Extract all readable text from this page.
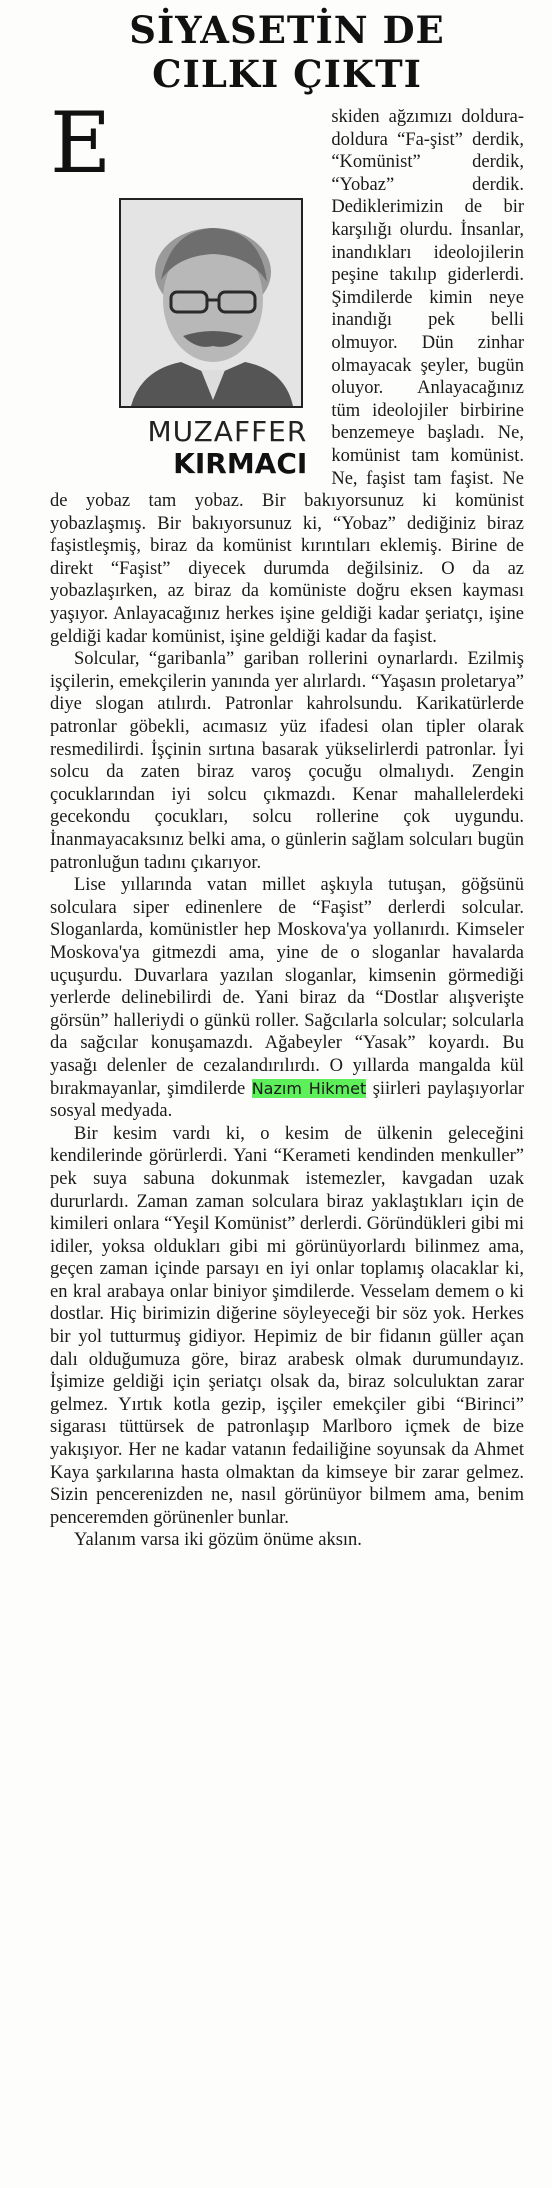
SİYASETİN DE
CILKI ÇIKTI

E
MUZAFFER
KIRMACI
skiden ağzımızı doldura-doldura “Fa-şist” derdik, “Komünist” derdik, “Yobaz” derdik. Dediklerimizin de bir karşılığı olurdu. İnsanlar, inandıkları ideolojilerin peşine takılıp giderlerdi. Şimdilerde kimin neye inandığı pek belli olmuyor. Dün zinhar olmayacak şeyler, bugün oluyor. Anlayacağınız tüm ideolojiler birbirine benzemeye başladı. Ne, komünist tam komünist. Ne, faşist tam faşist. Ne de yobaz tam yobaz. Bir bakıyorsunuz ki komünist yobazlaşmış. Bir bakıyorsunuz ki, “Yobaz” dediğiniz biraz faşistleşmiş, biraz da komünist kırıntıları eklemiş. Birine de direkt “Faşist” diyecek durumda değilsiniz. O da az yobazlaşırken, az biraz da komüniste doğru eksen kayması yaşıyor. Anlayacağınız herkes işine geldiği kadar şeriatçı, işine geldiği kadar komünist, işine geldiği kadar da faşist.

Solcular, “garibanla” gariban rollerini oynarlardı. Ezilmiş işçilerin, emekçilerin yanında yer alırlardı. “Yaşasın proletarya” diye slogan atılırdı. Patronlar kahrolsundu. Karikatürlerde patronlar göbekli, acımasız yüz ifadesi olan tipler olarak resmedilirdi. İşçinin sırtına basarak yükselirlerdi patronlar. İyi solcu da zaten biraz varoş çocuğu olmalıydı. Zengin çocuklarından iyi solcu çıkmazdı. Kenar mahallelerdeki gecekondu çocukları, solcu rollerine çok uygundu. İnanmayacaksınız belki ama, o günlerin sağlam solcuları bugün patronluğun tadını çıkarıyor.

Lise yıllarında vatan millet aşkıyla tutuşan, göğsünü solculara siper edinenlere de “Faşist” derlerdi solcular. Sloganlarda, komünistler hep Moskova'ya yollanırdı. Kimseler Moskova'ya gitmezdi ama, yine de o sloganlar havalarda uçuşurdu. Duvarlara yazılan sloganlar, kimsenin görmediği yerlerde delinebilirdi de. Yani biraz da “Dostlar alışverişte görsün” halleriydi o günkü roller. Sağcılarla solcular; solcularla da sağcılar konuşamazdı. Ağabeyler “Yasak” koyardı. Bu yasağı delenler de cezalandırılırdı. O yıllarda mangalda kül bırakmayanlar, şimdilerde Nazım Hikmet şiirleri paylaşıyorlar sosyal medyada.

Bir kesim vardı ki, o kesim de ülkenin geleceğini kendilerinde görürlerdi. Yani “Kerameti kendinden menkuller” pek suya sabuna dokunmak istemezler, kavgadan uzak dururlardı. Zaman zaman solculara biraz yaklaştıkları için de kimileri onlara “Yeşil Komünist” derlerdi. Göründükleri gibi mi idiler, yoksa oldukları gibi mi görünüyorlardı bilinmez ama, geçen zaman içinde parsayı en iyi onlar toplamış olacaklar ki, en kral arabaya onlar biniyor şimdilerde. Vesselam demem o ki dostlar. Hiç birimizin diğerine söyleyeceği bir söz yok. Herkes bir yol tutturmuş gidiyor. Hepimiz de bir fidanın güller açan dalı olduğumuza göre, biraz arabesk olmak durumundayız. İşimize geldiği için şeriatçı olsak da, biraz solculuktan zarar gelmez. Yırtık kotla gezip, işçiler emekçiler gibi “Birinci” sigarası tüttürsek de patronlaşıp Marlboro içmek de bize yakışıyor. Her ne kadar vatanın fedailiğine soyunsak da Ahmet Kaya şarkılarına hasta olmaktan da kimseye bir zarar gelmez. Sizin pencerenizden ne, nasıl görünüyor bilmem ama, benim penceremden görünenler bunlar.

Yalanım varsa iki gözüm önüme aksın.
